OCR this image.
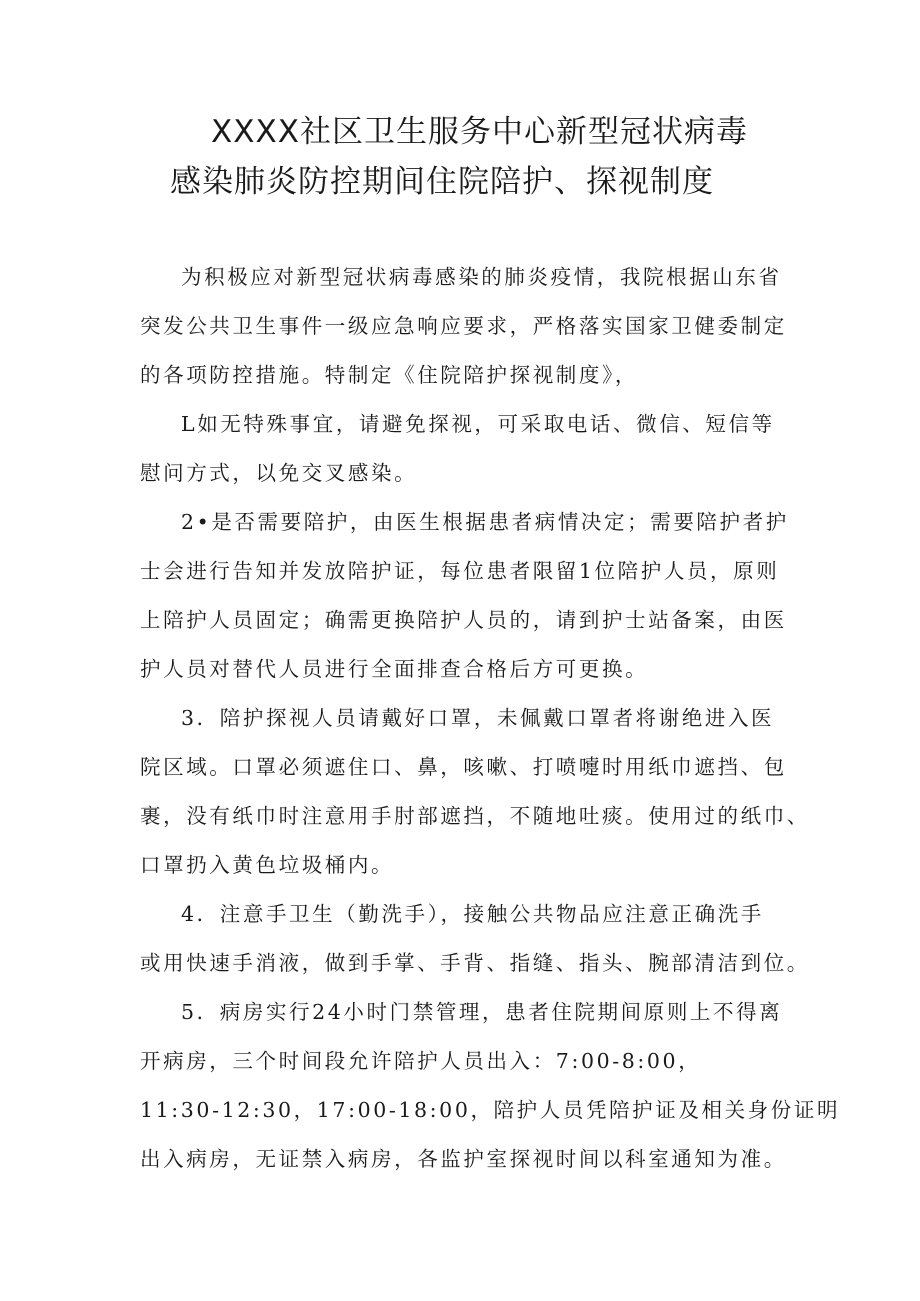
XXXX社区卫生服务中心新型冠状病毒
感染肺炎防控期间住院陪护、探视制度

为积极应对新型冠状病毒感染的肺炎疫情，我院根据山东省
突发公共卫生事件一级应急响应要求，严格落实国家卫健委制定
的各项防控措施。特制定《住院陪护探视制度》，

L如无特殊事宜，请避免探视，可采取电话、微信、短信等
慰问方式，以免交叉感染。

2•是否需要陪护，由医生根据患者病情决定；需要陪护者护
士会进行告知并发放陪护证，每位患者限留1位陪护人员，原则
上陪护人员固定；确需更换陪护人员的，请到护士站备案，由医
护人员对替代人员进行全面排查合格后方可更换。

3．陪护探视人员请戴好口罩，未佩戴口罩者将谢绝进入医
院区域。口罩必须遮住口、鼻，咳嗽、打喷嚏时用纸巾遮挡、包
裹，没有纸巾时注意用手肘部遮挡，不随地吐痰。使用过的纸巾、
口罩扔入黄色垃圾桶内。

4．注意手卫生（勤洗手），接触公共物品应注意正确洗手
或用快速手消液，做到手掌、手背、指缝、指头、腕部清洁到位。

5．病房实行24小时门禁管理，患者住院期间原则上不得离
开病房，三个时间段允许陪护人员出入：7:00-8:00，
11:30-12:30，17:00-18:00，陪护人员凭陪护证及相关身份证明
出入病房，无证禁入病房，各监护室探视时间以科室通知为准。
